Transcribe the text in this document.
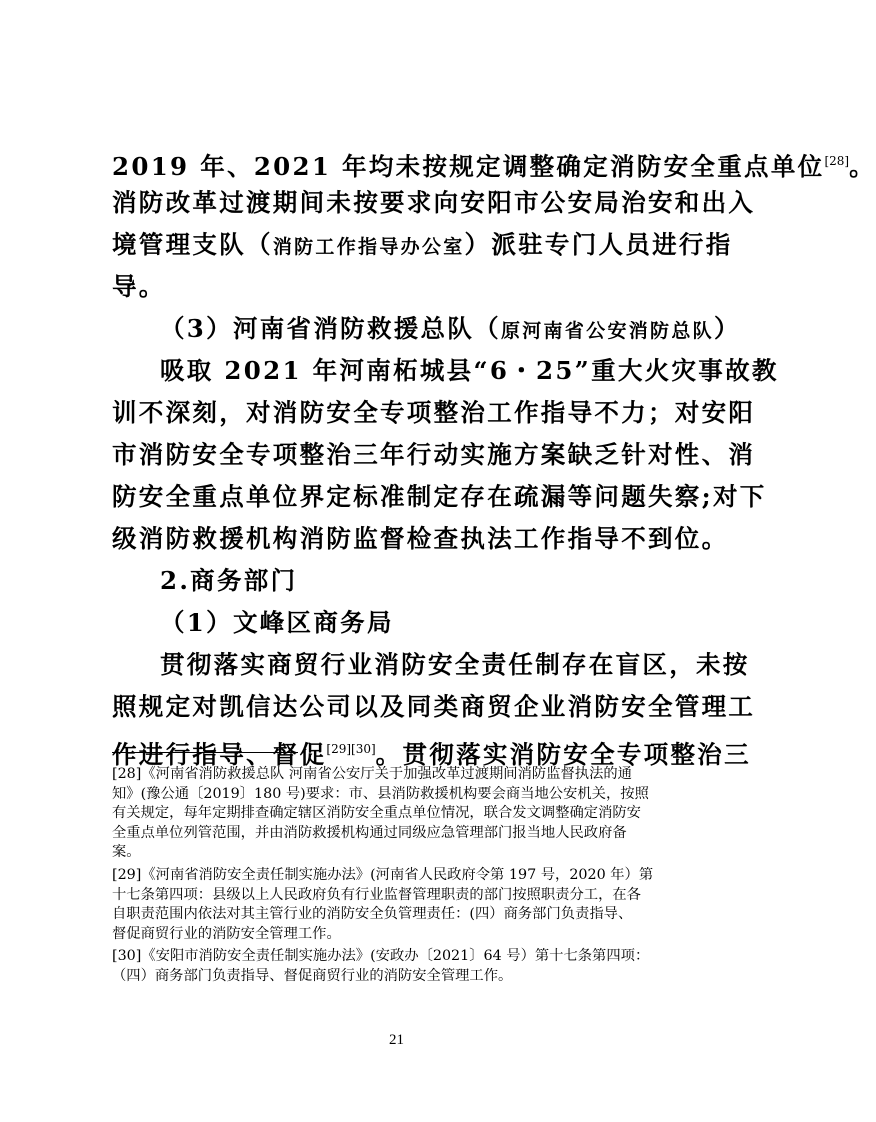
2019 年、2021 年均未按规定调整确定消防安全重点单位[28]。
消防改革过渡期间未按要求向安阳市公安局治安和出入
境管理支队（消防工作指导办公室）派驻专门人员进行指
导。
（3）河南省消防救援总队（原河南省公安消防总队）
吸取 2021 年河南柘城县“6・25”重大火灾事故教
训不深刻，对消防安全专项整治工作指导不力；对安阳
市消防安全专项整治三年行动实施方案缺乏针对性、消
防安全重点单位界定标准制定存在疏漏等问题失察;对下
级消防救援机构消防监督检查执法工作指导不到位。
2.商务部门
（1）文峰区商务局
贯彻落实商贸行业消防安全责任制存在盲区，未按
照规定对凯信达公司以及同类商贸企业消防安全管理工
作进行指导、督促[29][30]。贯彻落实消防安全专项整治三
[28]《河南省消防救援总队 河南省公安厅关于加强改革过渡期间消防监督执法的通
知》(豫公通〔2019〕180 号)要求：市、县消防救援机构要会商当地公安机关，按照
有关规定，每年定期排查确定辖区消防安全重点单位情况，联合发文调整确定消防安
全重点单位列管范围，并由消防救援机构通过同级应急管理部门报当地人民政府备
案。
[29]《河南省消防安全责任制实施办法》(河南省人民政府令第 197 号，2020 年）第
十七条第四项：县级以上人民政府负有行业监督管理职责的部门按照职责分工，在各
自职责范围内依法对其主管行业的消防安全负管理责任：(四）商务部门负责指导、
督促商贸行业的消防安全管理工作。
[30]《安阳市消防安全责任制实施办法》(安政办〔2021〕64 号）第十七条第四项：
（四）商务部门负责指导、督促商贸行业的消防安全管理工作。
21
